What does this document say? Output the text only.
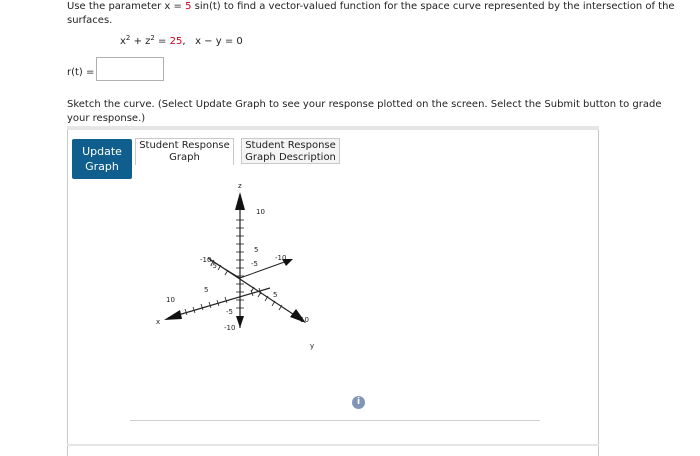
Use the parameter x = 5 sin(t) to find a vector-valued function for the space curve represented by the intersection of the surfaces.
$x^2 + z^2 = 25$, x − y = 0
r(t) =
Sketch the curve. (Select Update Graph to see your response plotted on the screen. Select the Submit button to grade your response.)
Update
Graph
Student Response
Graph
Student Response
Graph Description
z
10
5
-5
-10
x
10
5
-5
-10
y
10
5
-5
-10
i
